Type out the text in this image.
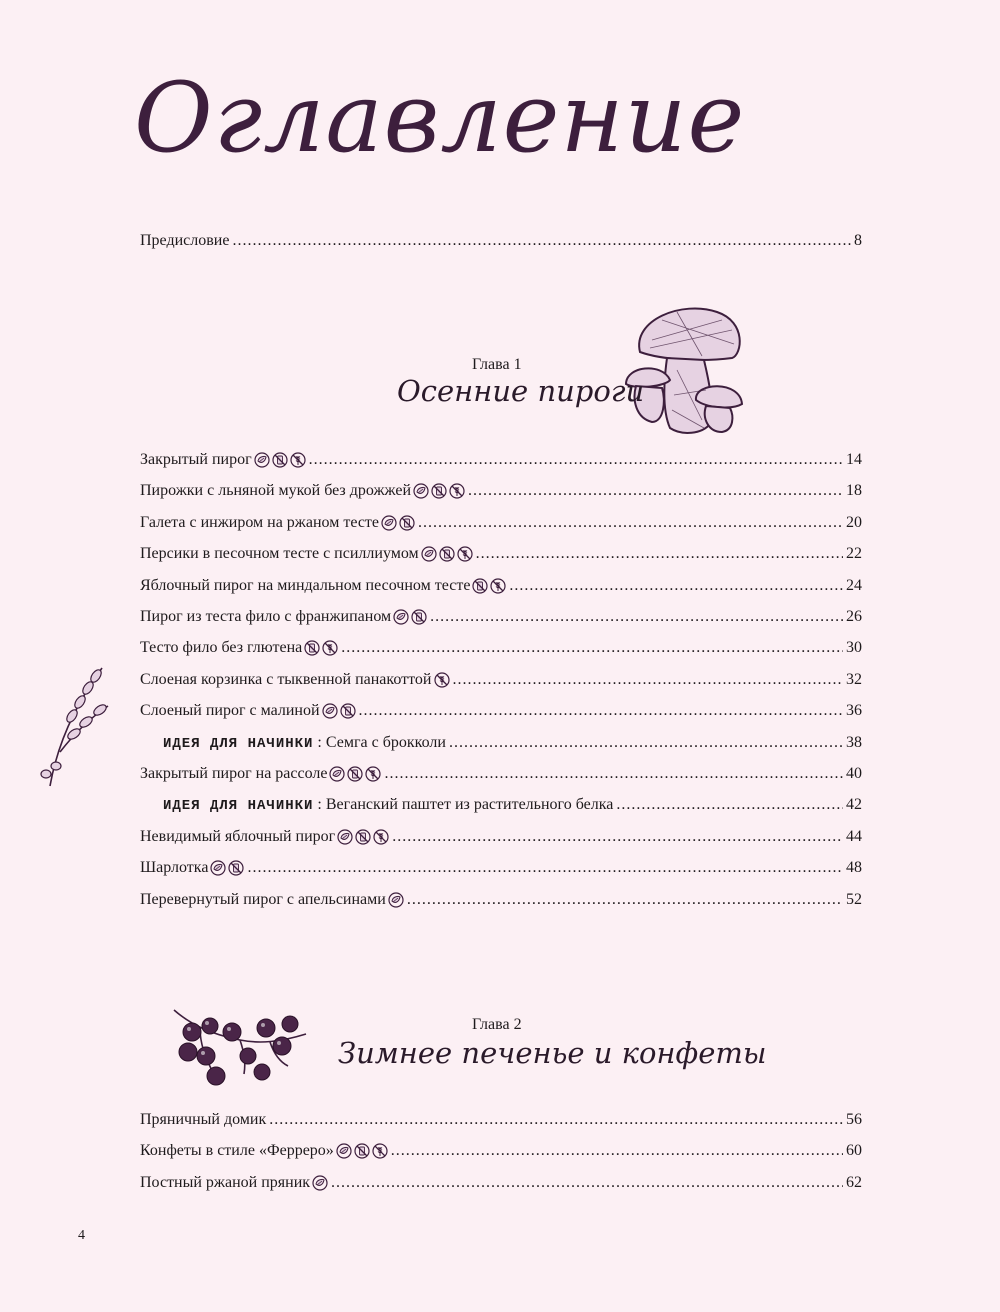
Оглавление
Предисловие .....	8
Глава 1
Осенние пироги
Закрытый пирог .....	14
Пирожки с льняной мукой без дрожжей .....	18
Галета с инжиром на ржаном тесте .....	20
Персики в песочном тесте с псиллиумом .....	22
Яблочный пирог на миндальном песочном тесте .....	24
Пирог из теста фило с франжипаном .....	26
Тесто фило без глютена .....	30
Слоеная корзинка с тыквенной панакоттой .....	32
Слоеный пирог с малиной .....	36
ИДЕЯ ДЛЯ НАЧИНКИ : Семга с брокколи .....	38
Закрытый пирог на рассоле .....	40
ИДЕЯ ДЛЯ НАЧИНКИ : Веганский паштет из растительного белка .....	42
Невидимый яблочный пирог .....	44
Шарлотка .....	48
Перевернутый пирог с апельсинами .....	52
Глава 2
Зимнее печенье и конфеты
Пряничный домик .....	56
Конфеты в стиле «Ферреро» .....	60
Постный ржаной пряник .....	62
4
